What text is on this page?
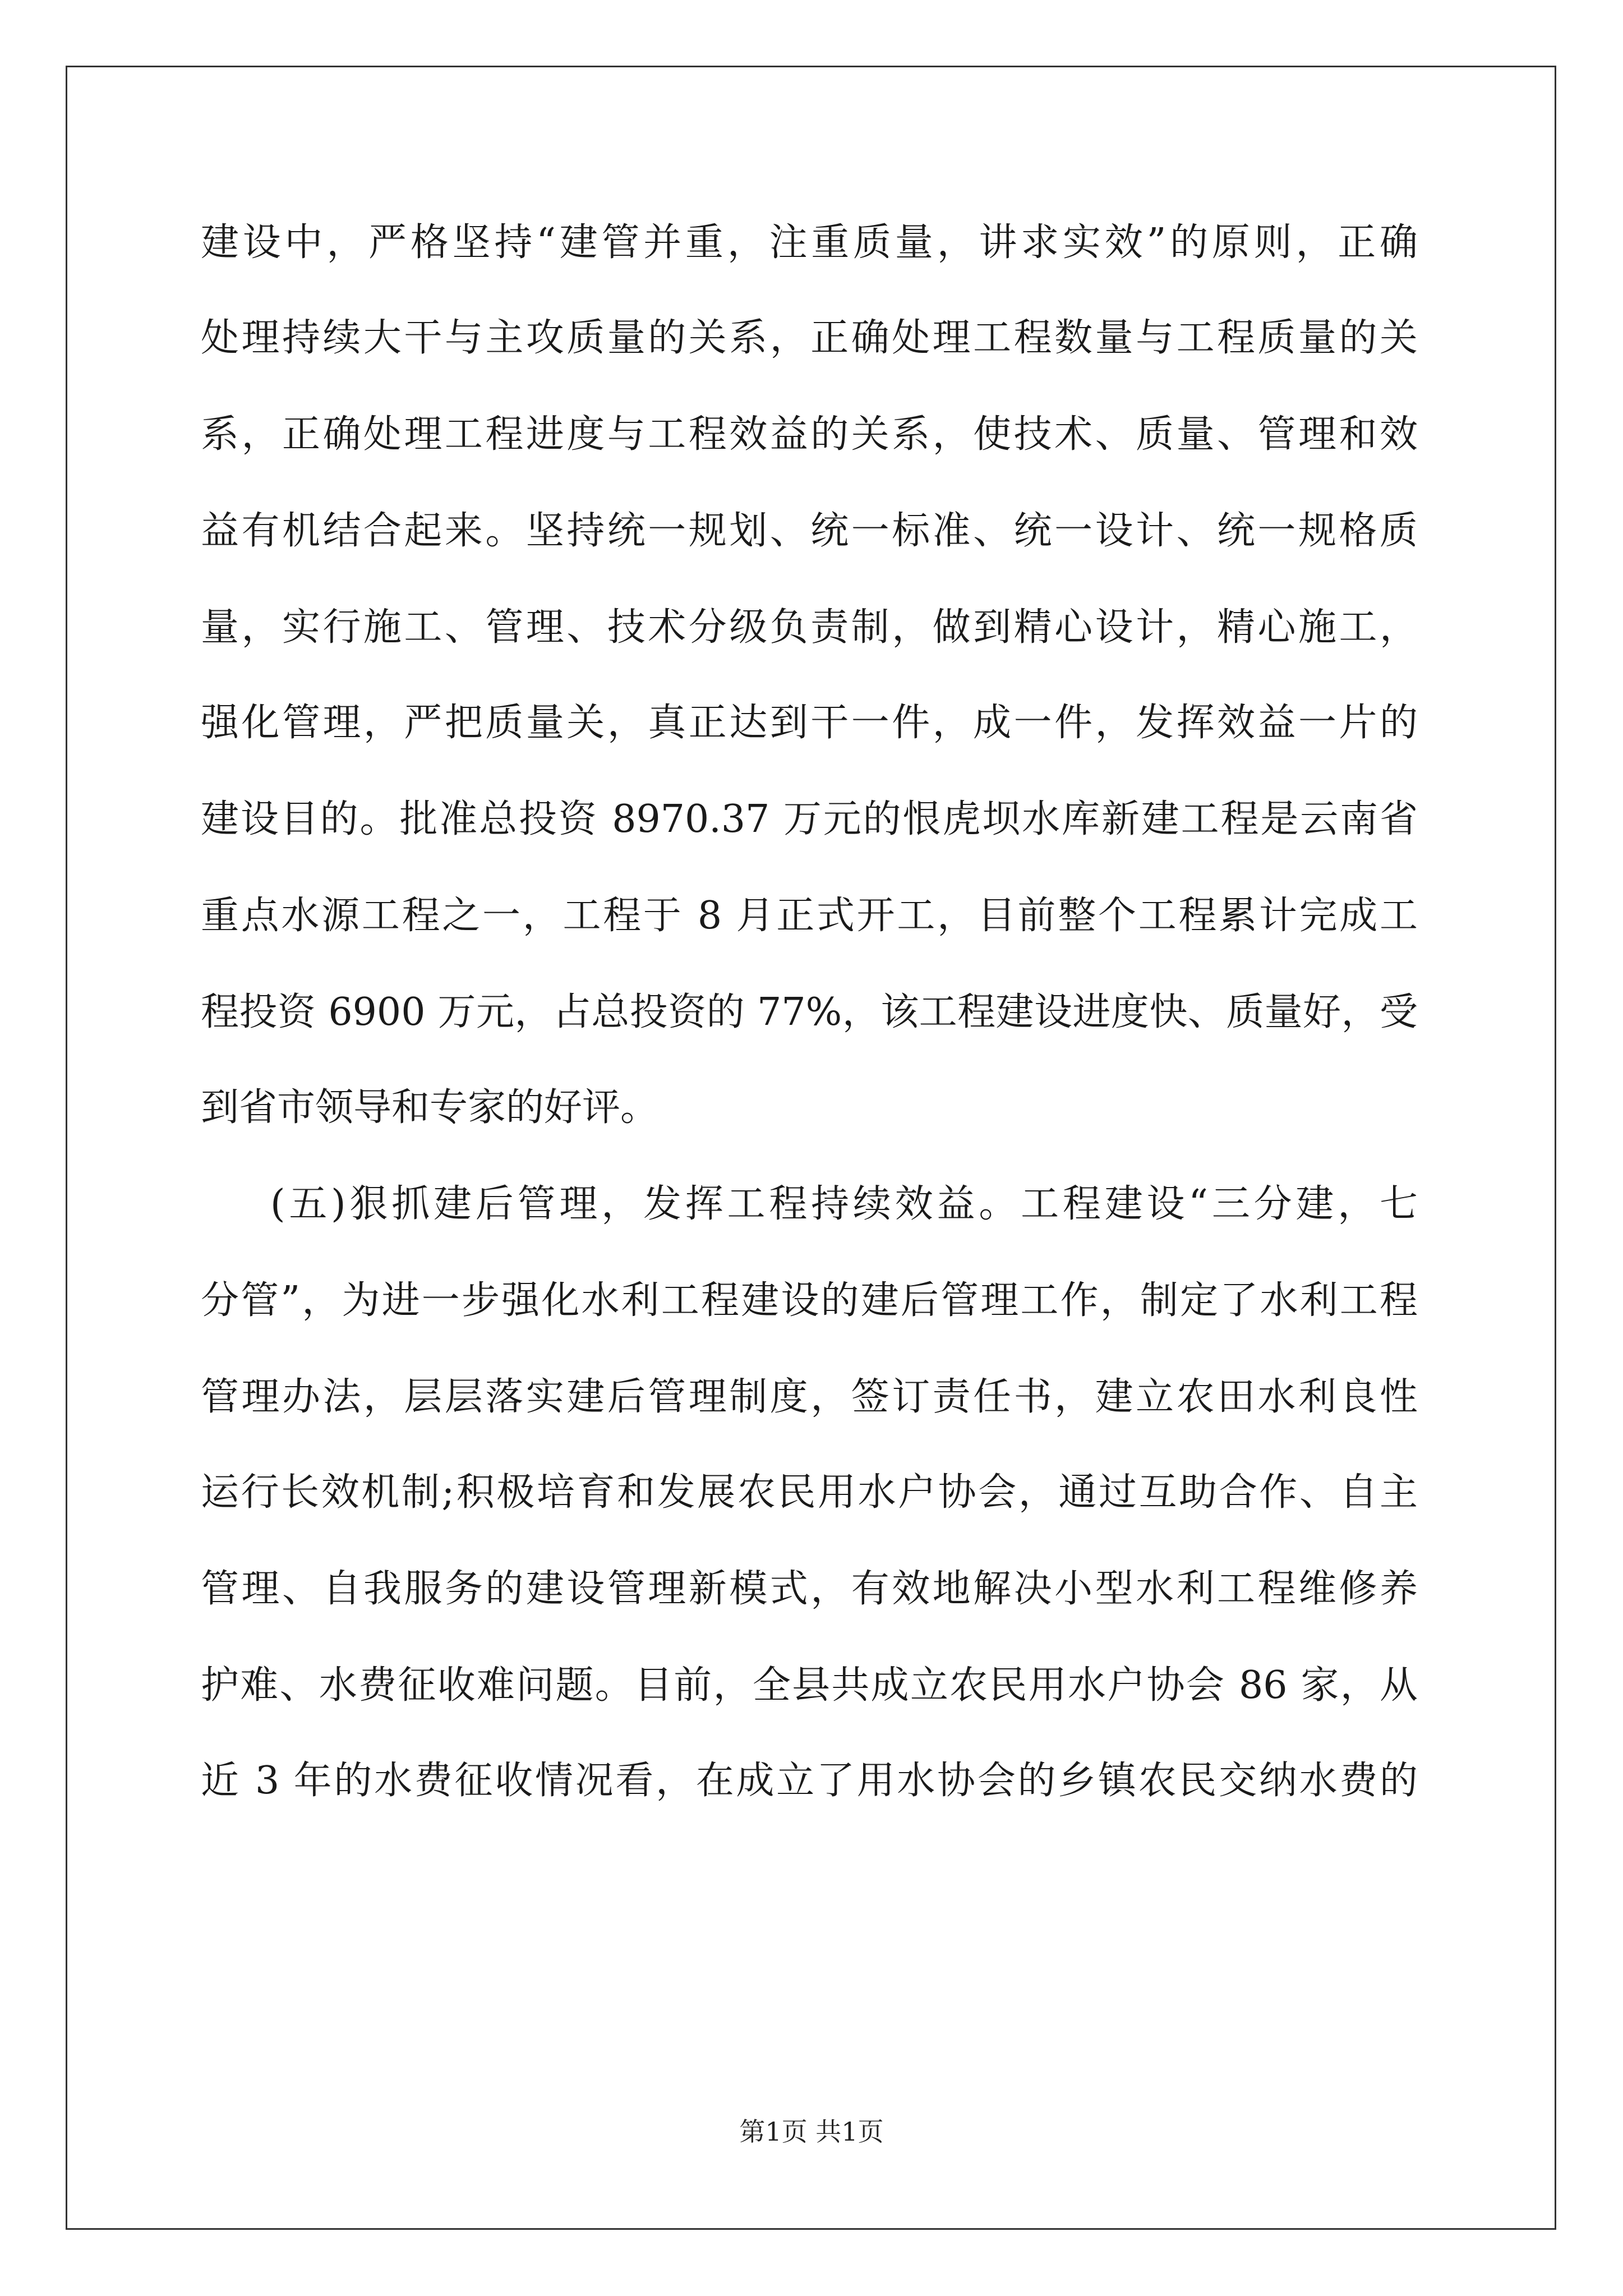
建设中，严格坚持“建管并重，注重质量，讲求实效”的原则，正确
处理持续大干与主攻质量的关系，正确处理工程数量与工程质量的关
系，正确处理工程进度与工程效益的关系，使技术、质量、管理和效
益有机结合起来。坚持统一规划、统一标准、统一设计、统一规格质
量，实行施工、管理、技术分级负责制，做到精心设计，精心施工，
强化管理，严把质量关，真正达到干一件，成一件，发挥效益一片的
建设目的。批准总投资 8970.37 万元的恨虎坝水库新建工程是云南省
重点水源工程之一，工程于 8 月正式开工，目前整个工程累计完成工
程投资 6900 万元，占总投资的 77%，该工程建设进度快、质量好，受
到省市领导和专家的好评。
(五)狠抓建后管理，发挥工程持续效益。工程建设“三分建，七
分管”，为进一步强化水利工程建设的建后管理工作，制定了水利工程
管理办法，层层落实建后管理制度，签订责任书，建立农田水利良性
运行长效机制;积极培育和发展农民用水户协会，通过互助合作、自主
管理、自我服务的建设管理新模式，有效地解决小型水利工程维修养
护难、水费征收难问题。目前，全县共成立农民用水户协会 86 家，从
近 3 年的水费征收情况看，在成立了用水协会的乡镇农民交纳水费的
第1页 共1页
